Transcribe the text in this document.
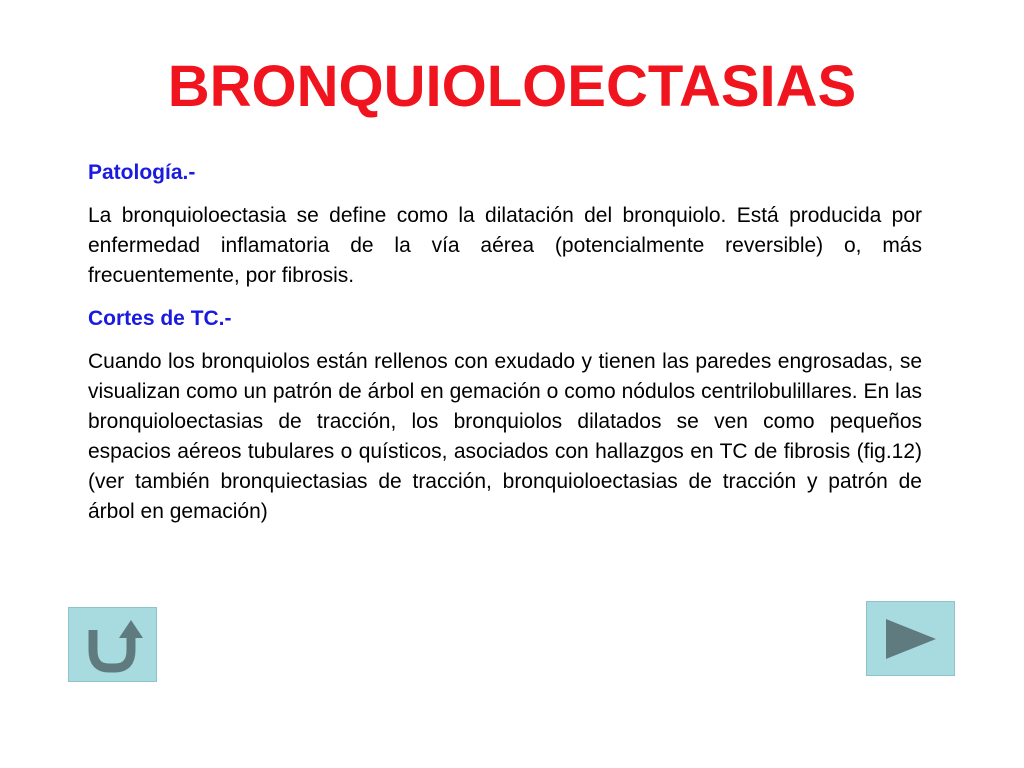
BRONQUIOLOECTASIAS
Patología.-

La bronquioloectasia se define como la dilatación del bronquiolo. Está producida por enfermedad inflamatoria de la vía aérea (potencialmente reversible) o, más frecuentemente, por fibrosis.

Cortes de TC.-

Cuando los bronquiolos están rellenos con exudado y tienen las paredes engrosadas, se visualizan como un patrón de árbol en gemación o como nódulos centrilobulillares. En las bronquioloectasias de tracción, los bronquiolos dilatados se ven como pequeños espacios aéreos tubulares o quísticos, asociados con hallazgos en TC de fibrosis (fig.12) (ver también bronquiectasias de tracción, bronquioloectasias de tracción y patrón de árbol en gemación)
